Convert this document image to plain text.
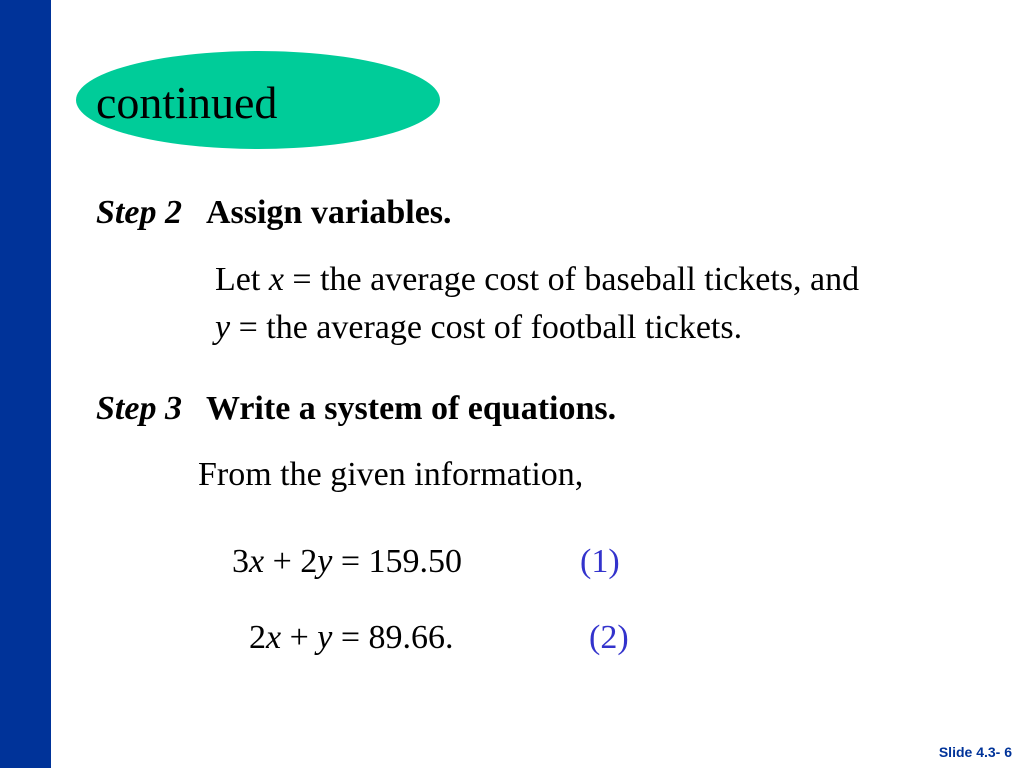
continued
Step 2 Assign variables.
Let x = the average cost of baseball tickets, and
y = the average cost of football tickets.
Step 3 Write a system of equations.
From the given information,
3x + 2y = 159.50	(1)
2x + y = 89.66.	(2)
Slide 4.3- 6
